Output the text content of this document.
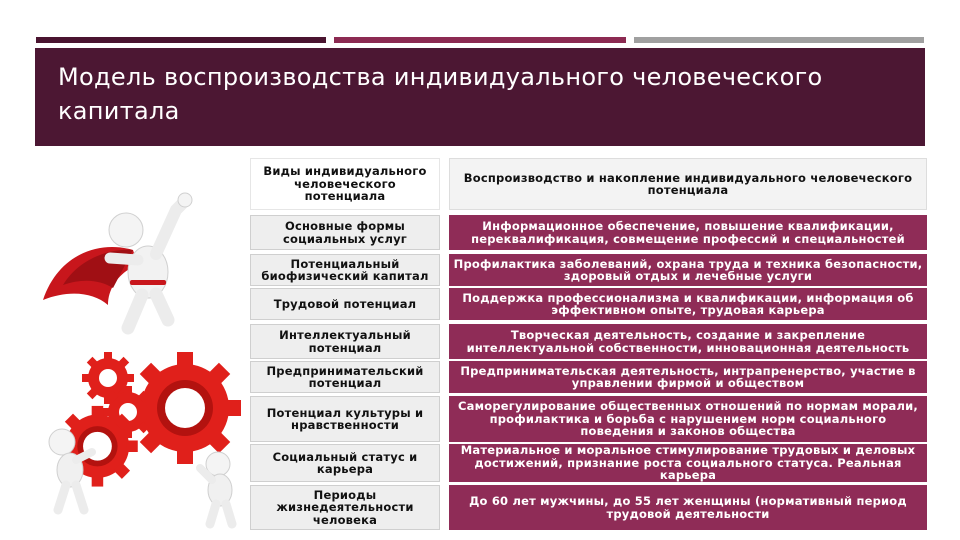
Модель воспроизводства индивидуального человеческого капитала
Виды индивидуального человеческого потенциала
Воспроизводство и накопление индивидуального человеческого потенциала
Основные формы социальных услуг
Информационное обеспечение, повышение квалификации, переквалификация, совмещение профессий и специальностей
Потенциальный биофизический капитал
Профилактика заболеваний, охрана труда и техника безопасности, здоровый отдых и лечебные услуги
Трудовой потенциал	Поддержка профессионализма и квалификации, информация об эффективном опыте, трудовая карьера
Интеллектуальный потенциал
Творческая деятельность, создание и закрепление интеллектуальной собственности, инновационная деятельность
Предпринимательский потенциал
Предпринимательская деятельность, интрапренерство, участие в управлении фирмой и обществом
Потенциал культуры и нравственности
Саморегулирование общественных отношений по нормам морали, профилактика и борьба с нарушением норм социального поведения и законов общества
Социальный статус и карьера
Материальное и моральное стимулирование трудовых и деловых достижений, признание роста социального статуса. Реальная карьера
Периоды жизнедеятельности человека
До 60 лет мужчины, до 55 лет женщины (нормативный период трудовой деятельности
